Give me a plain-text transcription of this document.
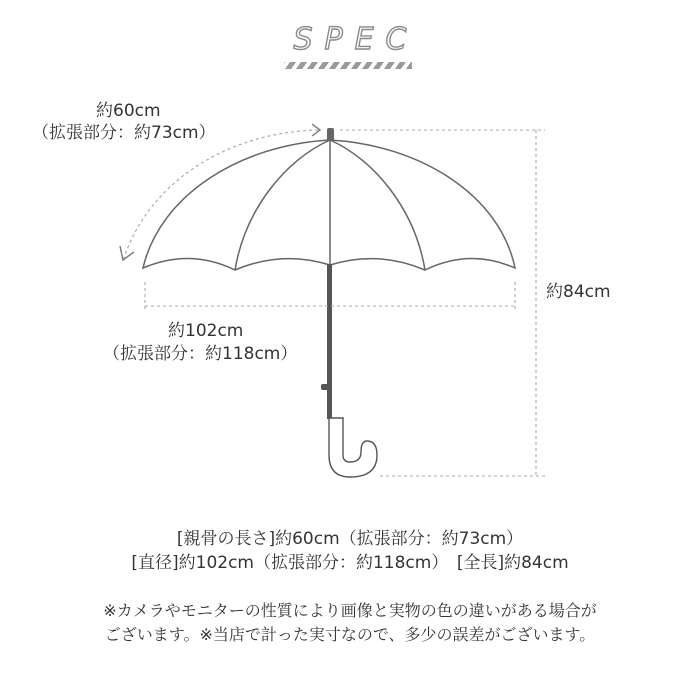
SPEC
約60cm
（拡張部分：約73cm）
約102cm
（拡張部分：約118cm）
約84cm
[親骨の長さ]約60cm（拡張部分：約73cm）
[直径]約102cm（拡張部分：約118cm）　[全長]約84cm
※カメラやモニターの性質により画像と実物の色の違いがある場合が
ございます。※当店で計った実寸なので、多少の誤差がございます。
